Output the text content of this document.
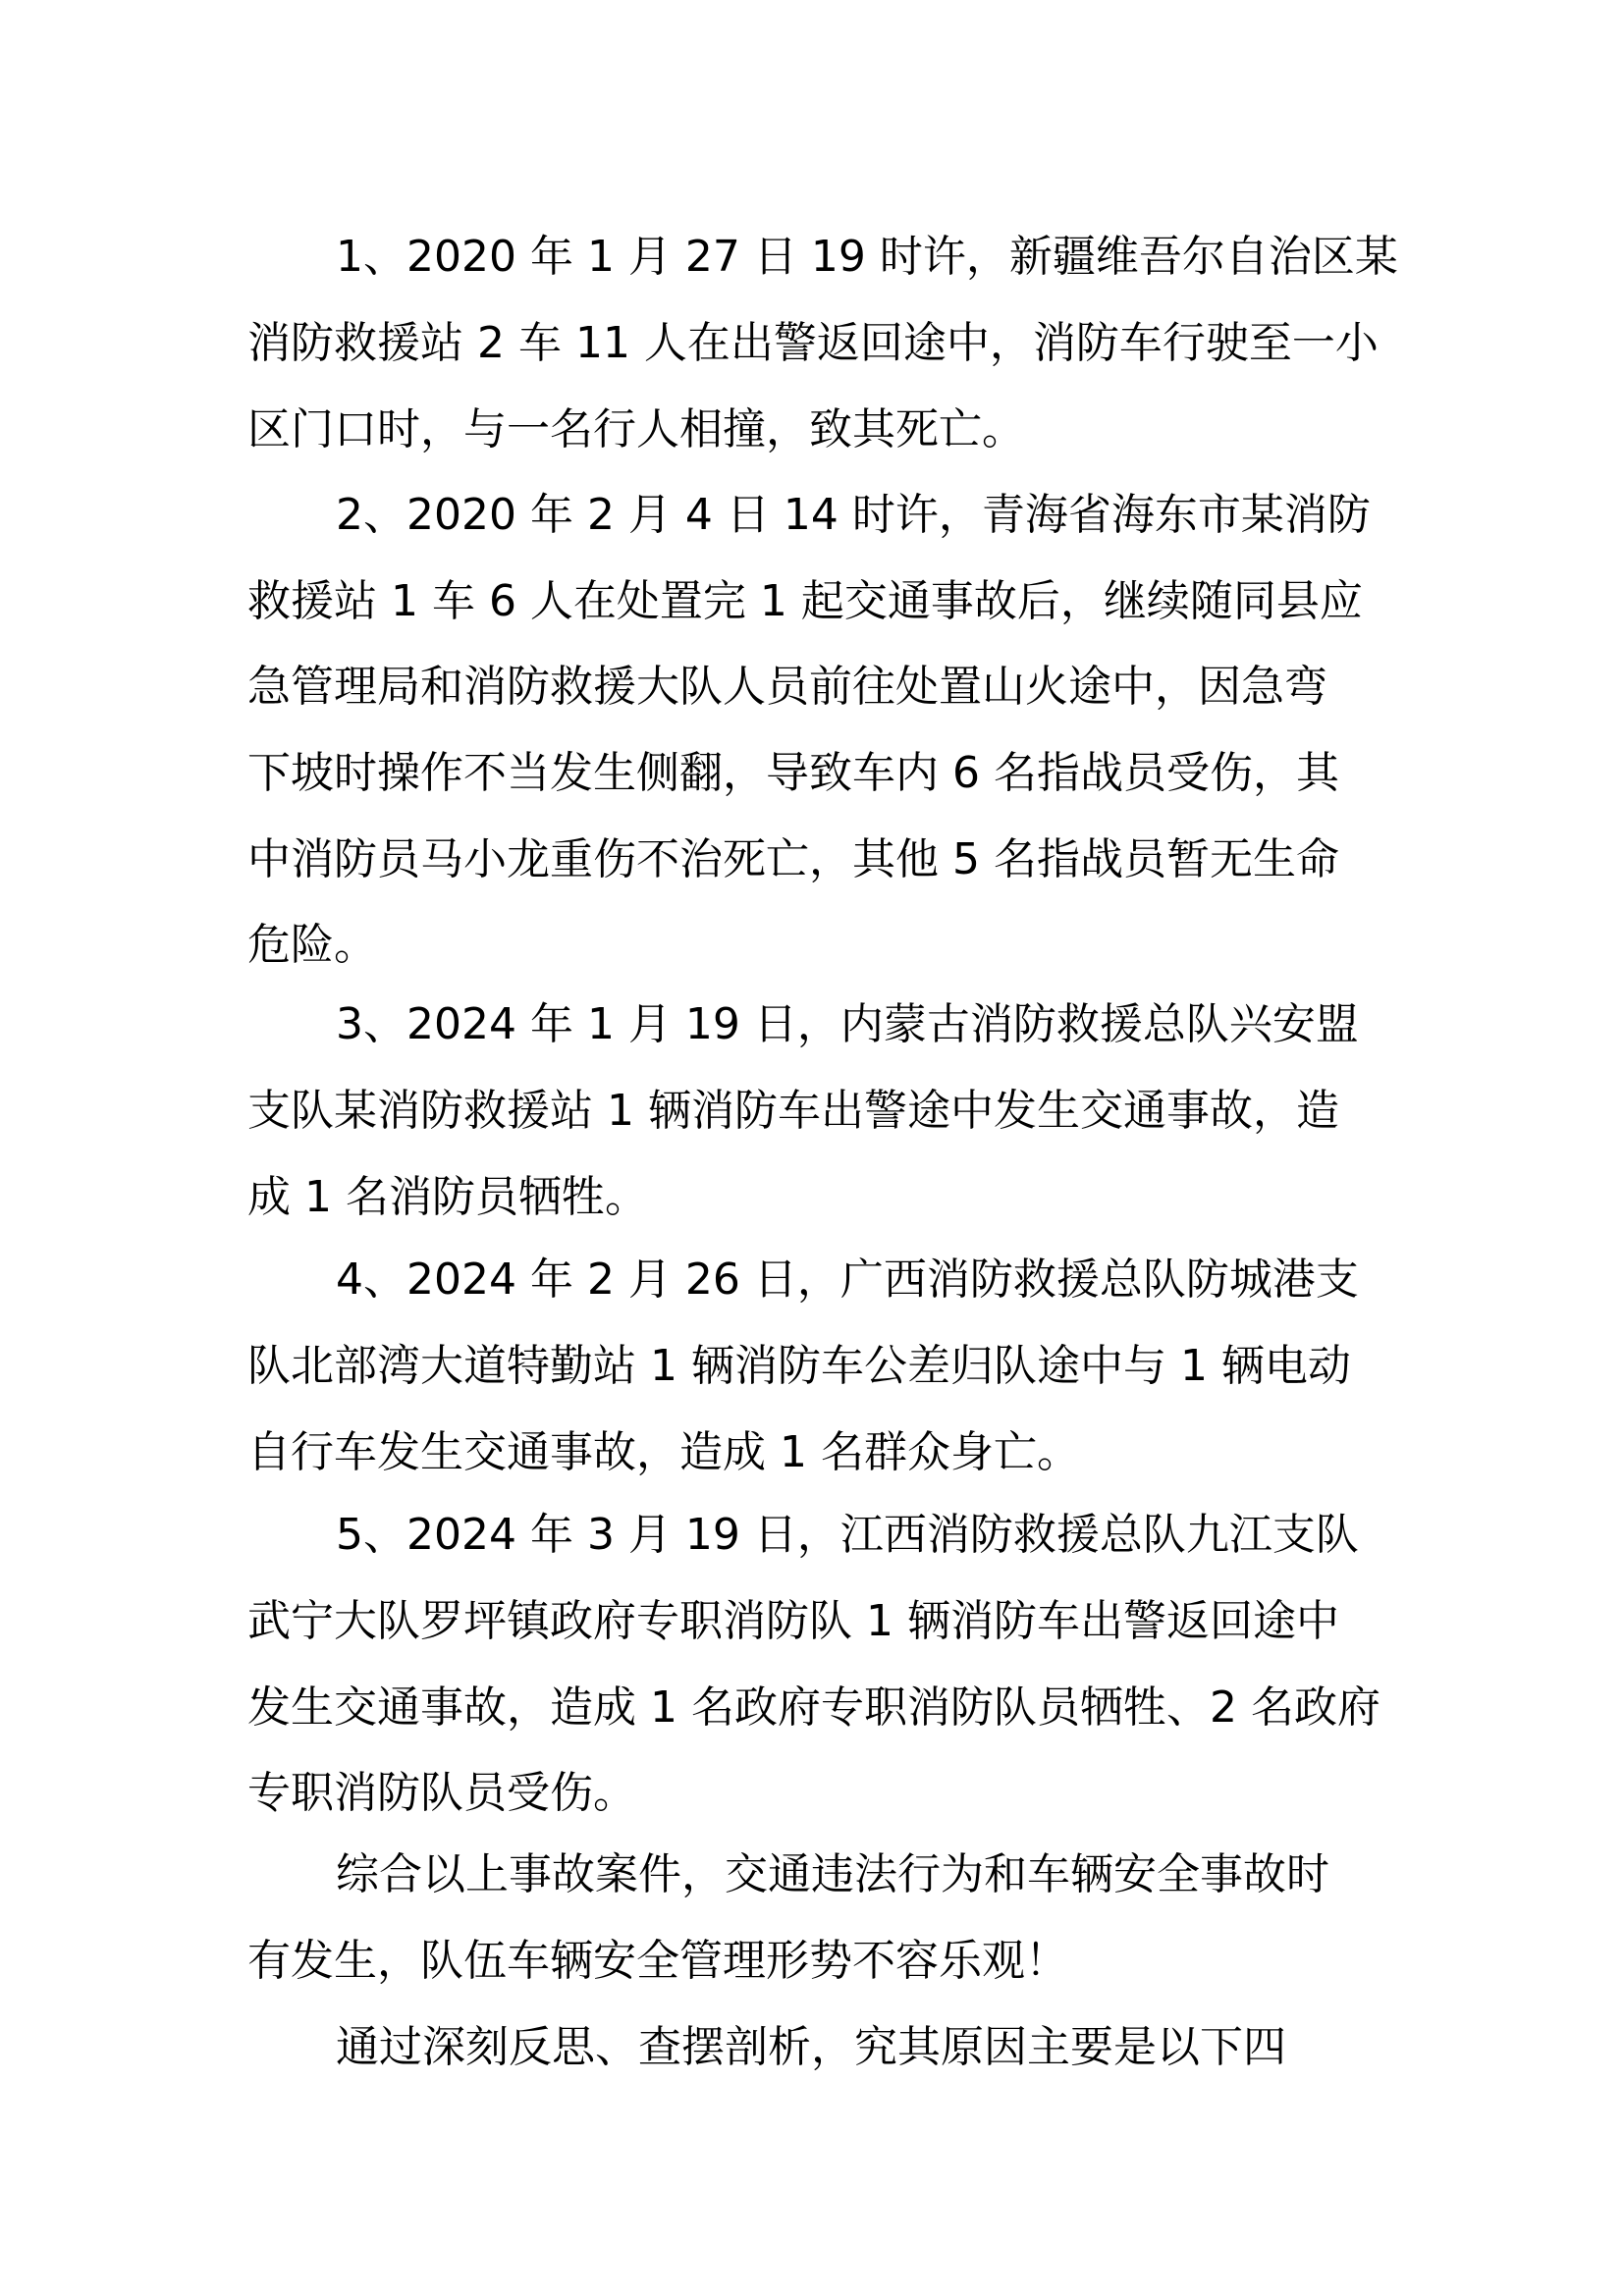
1、2020 年 1 月 27 日 19 时许，新疆维吾尔自治区某
消防救援站 2 车 11 人在出警返回途中，消防车行驶至一小
区门口时，与一名行人相撞，致其死亡。
2、2020 年 2 月 4 日 14 时许，青海省海东市某消防
救援站 1 车 6 人在处置完 1 起交通事故后，继续随同县应
急管理局和消防救援大队人员前往处置山火途中，因急弯
下坡时操作不当发生侧翻，导致车内 6 名指战员受伤，其
中消防员马小龙重伤不治死亡，其他 5 名指战员暂无生命
危险。
3、2024 年 1 月 19 日，内蒙古消防救援总队兴安盟
支队某消防救援站 1 辆消防车出警途中发生交通事故，造
成 1 名消防员牺牲。
4、2024 年 2 月 26 日，广西消防救援总队防城港支
队北部湾大道特勤站 1 辆消防车公差归队途中与 1 辆电动
自行车发生交通事故，造成 1 名群众身亡。
5、2024 年 3 月 19 日，江西消防救援总队九江支队
武宁大队罗坪镇政府专职消防队 1 辆消防车出警返回途中
发生交通事故，造成 1 名政府专职消防队员牺牲、2 名政府
专职消防队员受伤。
综合以上事故案件，交通违法行为和车辆安全事故时
有发生，队伍车辆安全管理形势不容乐观！
通过深刻反思、查摆剖析，究其原因主要是以下四
